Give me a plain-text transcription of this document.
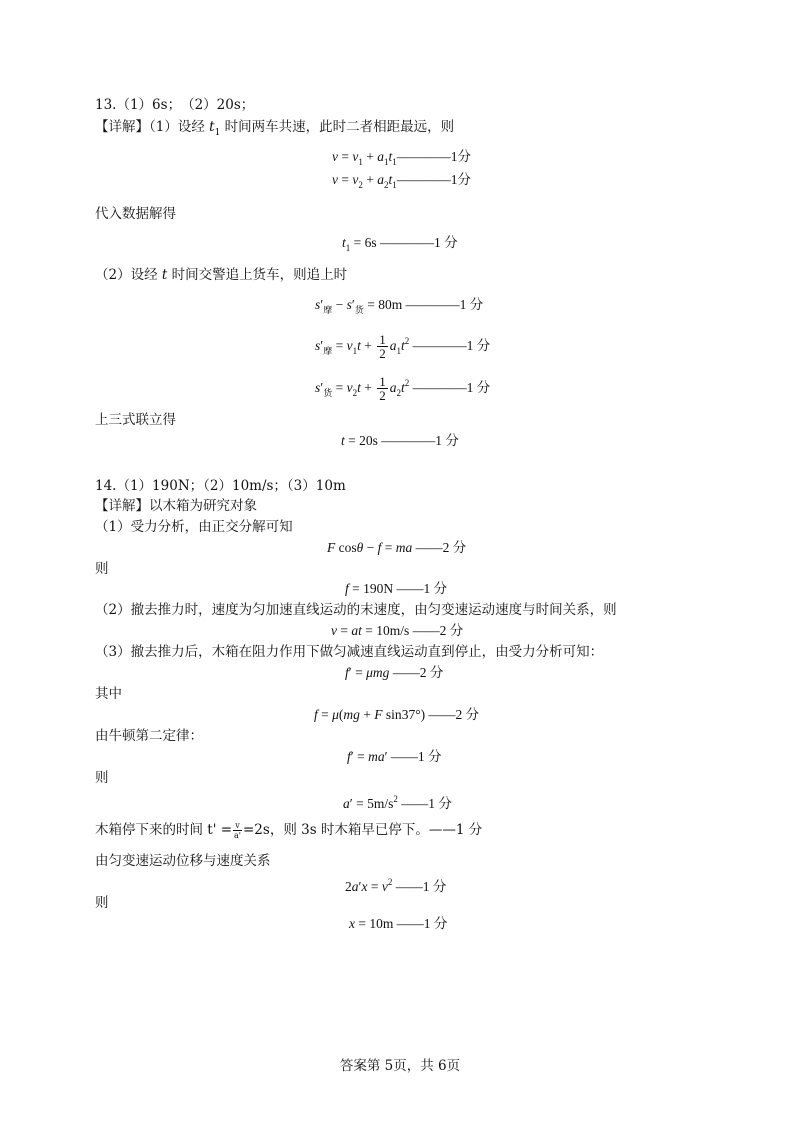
13.（1）6s；　（2）20s；
【详解】（1）设经 $t_1$ 时间两车共速，此时二者相距最远，则
$v = v_1$ + $a_1t_1————1$分
$v = v_2$ + $a_2t_1————1$分
代入数据解得
$t_1 = 6s$ ————1 分
（2）设经 t 时间交警追上货车，则追上时
$s'_摩 - s'_货 = 80m$ ————1 分
$s'_摩 = v_1t + \frac{1}{2} a_1t^2$ ————1 分
$s'_货 = v_2t + \frac{1}{2} a_2t^2$ ————1 分
上三式联立得
t = 20s ————1 分
14.（1）190N；（2）10m/s；（3）10m
【详解】以木箱为研究对象
（1）受力分析，由正交分解可知
F cosθ − f = ma ——2 分
则
f = 190N ——1 分
（2）撤去推力时，速度为匀加速直线运动的末速度，由匀变速运动速度与时间关系，则
v = at = 10m/s ——2 分
（3）撤去推力后，木箱在阻力作用下做匀减速直线运动直到停止，由受力分析可知：
f′ = μmg ——2 分
其中
f = μ(mg + F sin37°) ——2 分
由牛顿第二定律：
f′ = ma′ ——1 分
则
$a' = 5m/s^2$ ——1 分
木箱停下来的时间 $t' = \frac{v}{a'} =2s$，则 3s 时木箱早已停下。——1 分
由匀变速运动位移与速度关系
$2a'x = v^2$ ——1 分
则
x = 10m ——1 分
答案第 5页，共 6页
